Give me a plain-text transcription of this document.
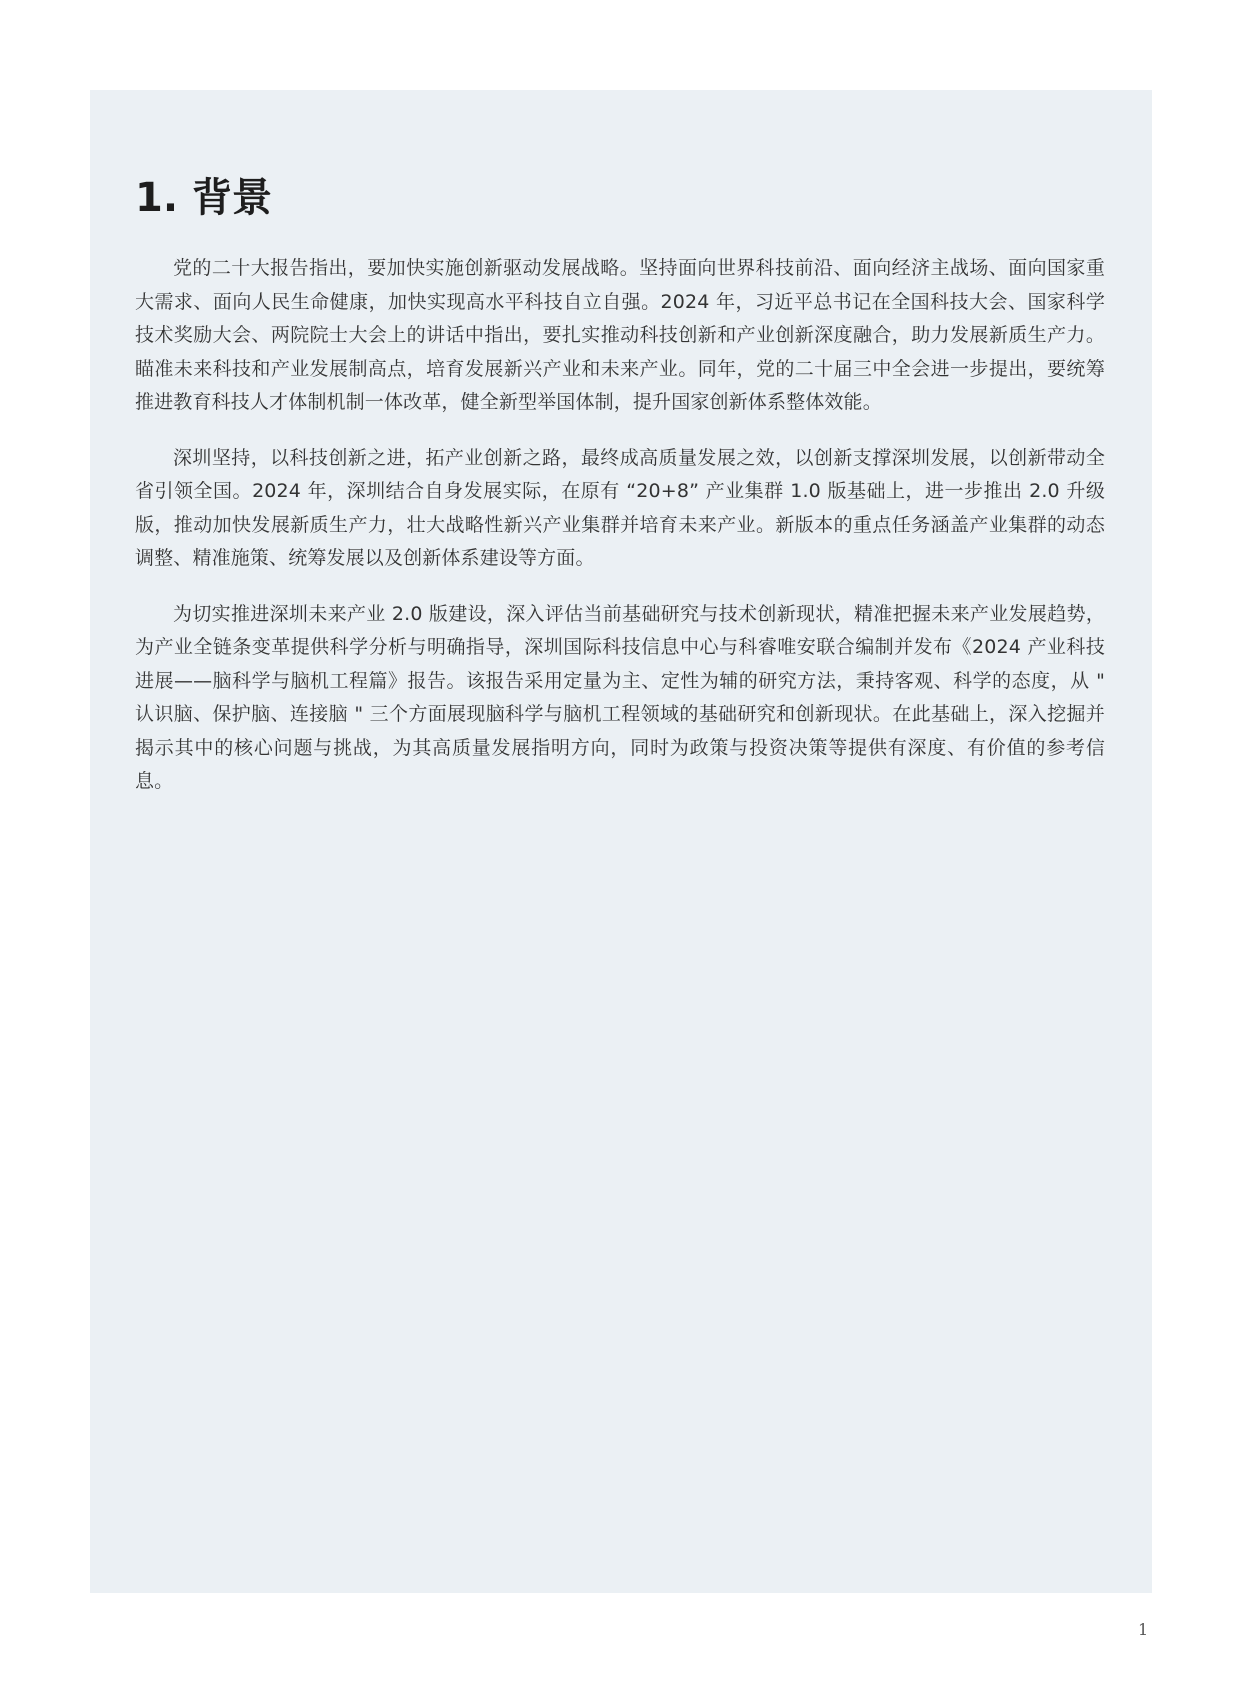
1. 背景

党的二十大报告指出，要加快实施创新驱动发展战略。坚持面向世界科技前沿、面向经济主战场、面向国家重大需求、面向人民生命健康，加快实现高水平科技自立自强。2024 年，习近平总书记在全国科技大会、国家科学技术奖励大会、两院院士大会上的讲话中指出，要扎实推动科技创新和产业创新深度融合，助力发展新质生产力。瞄准未来科技和产业发展制高点，培育发展新兴产业和未来产业。同年，党的二十届三中全会进一步提出，要统筹推进教育科技人才体制机制一体改革，健全新型举国体制，提升国家创新体系整体效能。

深圳坚持，以科技创新之进，拓产业创新之路，最终成高质量发展之效，以创新支撑深圳发展，以创新带动全省引领全国。2024 年，深圳结合自身发展实际，在原有 “20+8” 产业集群 1.0 版基础上，进一步推出 2.0 升级版，推动加快发展新质生产力，壮大战略性新兴产业集群并培育未来产业。新版本的重点任务涵盖产业集群的动态调整、精准施策、统筹发展以及创新体系建设等方面。

为切实推进深圳未来产业 2.0 版建设，深入评估当前基础研究与技术创新现状，精准把握未来产业发展趋势，为产业全链条变革提供科学分析与明确指导，深圳国际科技信息中心与科睿唯安联合编制并发布《2024 产业科技进展——脑科学与脑机工程篇》报告。该报告采用定量为主、定性为辅的研究方法，秉持客观、科学的态度，从 " 认识脑、保护脑、连接脑 " 三个方面展现脑科学与脑机工程领域的基础研究和创新现状。在此基础上，深入挖掘并揭示其中的核心问题与挑战，为其高质量发展指明方向，同时为政策与投资决策等提供有深度、有价值的参考信息。

1
